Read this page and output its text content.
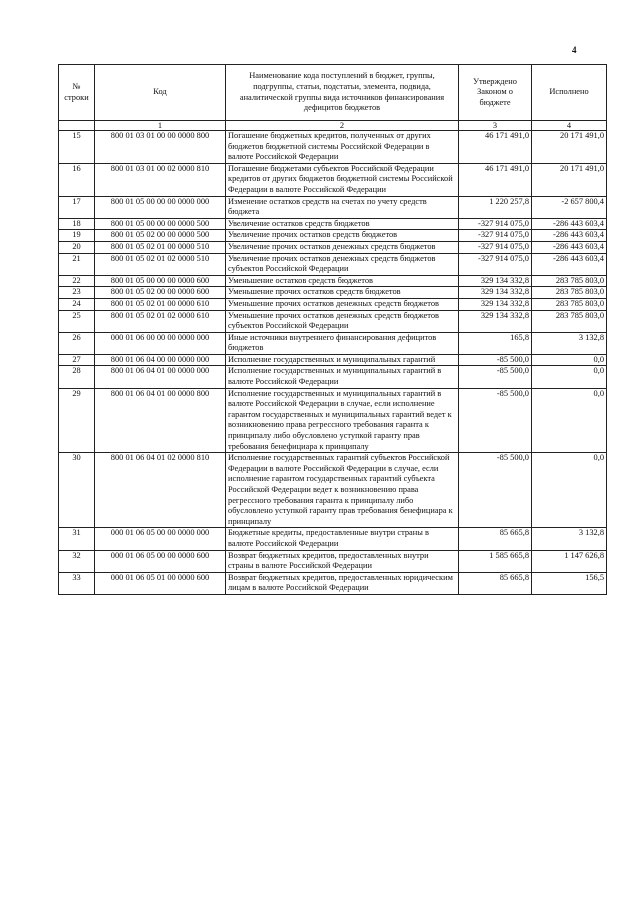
4
№ строки	Код	Наименование кода поступлений в бюджет, группы, подгруппы, статьи, подстатьи, элемента, подвида, аналитической группы вида источников финансирования дефицитов бюджетов	Утверждено Законом о бюджете	Исполнено
	1	2	3	4
15	800 01 03 01 00 00 0000 800	Погашение бюджетных кредитов, полученных от других бюджетов бюджетной системы Российской Федерации в валюте Российской Федерации	46 171 491,0	20 171 491,0
16	800 01 03 01 00 02 0000 810	Погашение бюджетами субъектов Российской Федерации кредитов от других бюджетов бюджетной системы Российской Федерации в валюте Российской Федерации	46 171 491,0	20 171 491,0
17	800 01 05 00 00 00 0000 000	Изменение остатков средств на счетах по учету средств бюджета	1 220 257,8	-2 657 800,4
18	800 01 05 00 00 00 0000 500	Увеличение остатков средств бюджетов	-327 914 075,0	-286 443 603,4
19	800 01 05 02 00 00 0000 500	Увеличение прочих остатков средств бюджетов	-327 914 075,0	-286 443 603,4
20	800 01 05 02 01 00 0000 510	Увеличение прочих остатков денежных средств бюджетов	-327 914 075,0	-286 443 603,4
21	800 01 05 02 01 02 0000 510	Увеличение прочих остатков денежных средств бюджетов субъектов Российской Федерации	-327 914 075,0	-286 443 603,4
22	800 01 05 00 00 00 0000 600	Уменьшение остатков средств бюджетов	329 134 332,8	283 785 803,0
23	800 01 05 02 00 00 0000 600	Уменьшение прочих остатков средств бюджетов	329 134 332,8	283 785 803,0
24	800 01 05 02 01 00 0000 610	Уменьшение прочих остатков денежных средств бюджетов	329 134 332,8	283 785 803,0
25	800 01 05 02 01 02 0000 610	Уменьшение прочих остатков денежных средств бюджетов субъектов Российской Федерации	329 134 332,8	283 785 803,0
26	000 01 06 00 00 00 0000 000	Иные источники внутреннего финансирования дефицитов бюджетов	165,8	3 132,8
27	800 01 06 04 00 00 0000 000	Исполнение государственных и муниципальных гарантий	-85 500,0	0,0
28	800 01 06 04 01 00 0000 000	Исполнение государственных и муниципальных гарантий в валюте Российской Федерации	-85 500,0	0,0
29	800 01 06 04 01 00 0000 800	Исполнение государственных и муниципальных гарантий в валюте Российской Федерации в случае, если исполнение гарантом государственных и муниципальных гарантий ведет к возникновению права регрессного требования гаранта к принципалу либо обусловлено уступкой гаранту прав требования бенефициара к принципалу	-85 500,0	0,0
30	800 01 06 04 01 02 0000 810	Исполнение государственных гарантий субъектов Российской Федерации в валюте Российской Федерации в случае, если исполнение гарантом государственных гарантий субъекта Российской Федерации ведет к возникновению права регрессного требования гаранта к принципалу либо обусловлено уступкой гаранту прав требования бенефициара к принципалу	-85 500,0	0,0
31	000 01 06 05 00 00 0000 000	Бюджетные кредиты, предоставленные внутри страны в валюте Российской Федерации	85 665,8	3 132,8
32	000 01 06 05 00 00 0000 600	Возврат бюджетных кредитов, предоставленных внутри страны в валюте Российской Федерации	1 585 665,8	1 147 626,8
33	000 01 06 05 01 00 0000 600	Возврат бюджетных кредитов, предоставленных юридическим лицам в валюте Российской Федерации	85 665,8	156,5
